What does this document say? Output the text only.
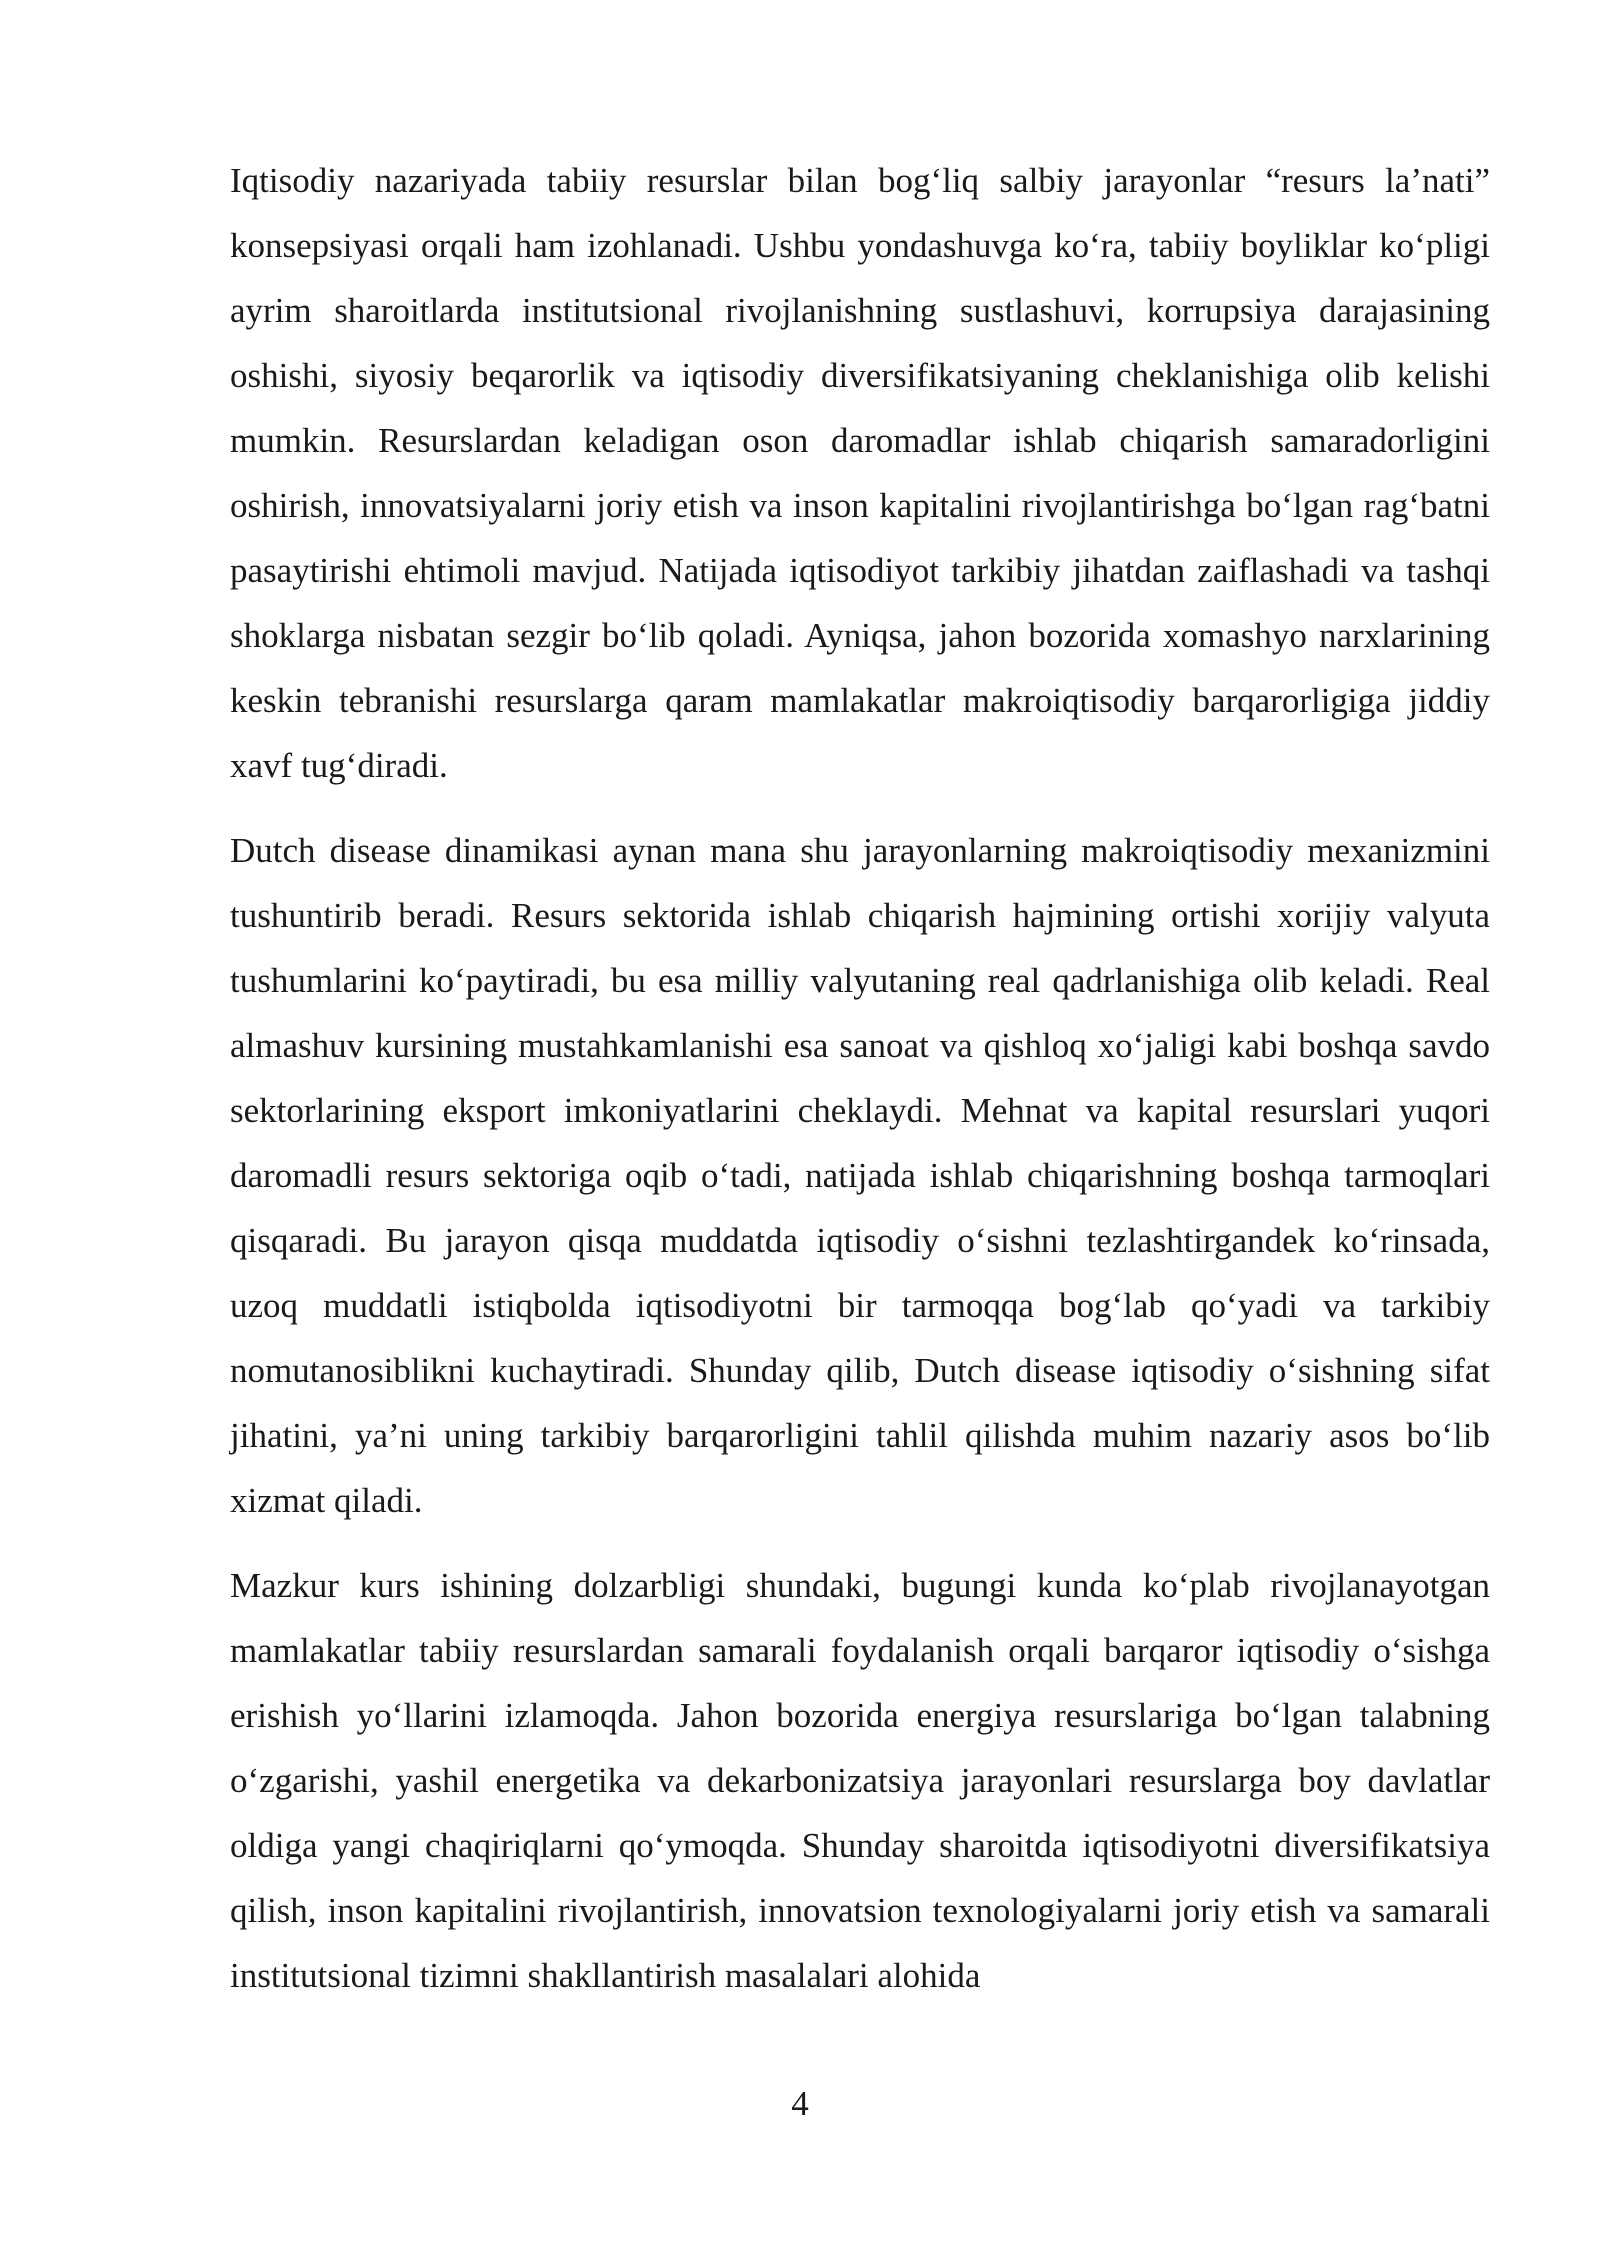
Iqtisodiy nazariyada tabiiy resurslar bilan bog‘liq salbiy jarayonlar “resurs la’nati” konsepsiyasi orqali ham izohlanadi. Ushbu yondashuvga ko‘ra, tabiiy boyliklar ko‘pligi ayrim sharoitlarda institutsional rivojlanishning sustlashuvi, korrupsiya darajasining oshishi, siyosiy beqarorlik va iqtisodiy diversifikatsiyaning cheklanishiga olib kelishi mumkin. Resurslardan keladigan oson daromadlar ishlab chiqarish samaradorligini oshirish, innovatsiyalarni joriy etish va inson kapitalini rivojlantirishga bo‘lgan rag‘batni pasaytirishi ehtimoli mavjud. Natijada iqtisodiyot tarkibiy jihatdan zaiflashadi va tashqi shoklarga nisbatan sezgir bo‘lib qoladi. Ayniqsa, jahon bozorida xomashyo narxlarining keskin tebranishi resurslarga qaram mamlakatlar makroiqtisodiy barqarorligiga jiddiy xavf tug‘diradi.

Dutch disease dinamikasi aynan mana shu jarayonlarning makroiqtisodiy mexanizmini tushuntirib beradi. Resurs sektorida ishlab chiqarish hajmining ortishi xorijiy valyuta tushumlarini ko‘paytiradi, bu esa milliy valyutaning real qadrlanishiga olib keladi. Real almashuv kursining mustahkamlanishi esa sanoat va qishloq xo‘jaligi kabi boshqa savdo sektorlarining eksport imkoniyatlarini cheklaydi. Mehnat va kapital resurslari yuqori daromadli resurs sektoriga oqib o‘tadi, natijada ishlab chiqarishning boshqa tarmoqlari qisqaradi. Bu jarayon qisqa muddatda iqtisodiy o‘sishni tezlashtirgandek ko‘rinsada, uzoq muddatli istiqbolda iqtisodiyotni bir tarmoqqa bog‘lab qo‘yadi va tarkibiy nomutanosiblikni kuchaytiradi. Shunday qilib, Dutch disease iqtisodiy o‘sishning sifat jihatini, ya’ni uning tarkibiy barqarorligini tahlil qilishda muhim nazariy asos bo‘lib xizmat qiladi.

Mazkur kurs ishining dolzarbligi shundaki, bugungi kunda ko‘plab rivojlanayotgan mamlakatlar tabiiy resurslardan samarali foydalanish orqali barqaror iqtisodiy o‘sishga erishish yo‘llarini izlamoqda. Jahon bozorida energiya resurslariga bo‘lgan talabning o‘zgarishi, yashil energetika va dekarbonizatsiya jarayonlari resurslarga boy davlatlar oldiga yangi chaqiriqlarni qo‘ymoqda. Shunday sharoitda iqtisodiyotni diversifikatsiya qilish, inson kapitalini rivojlantirish, innovatsion texnologiyalarni joriy etish va samarali institutsional tizimni shakllantirish masalalari alohida

4
